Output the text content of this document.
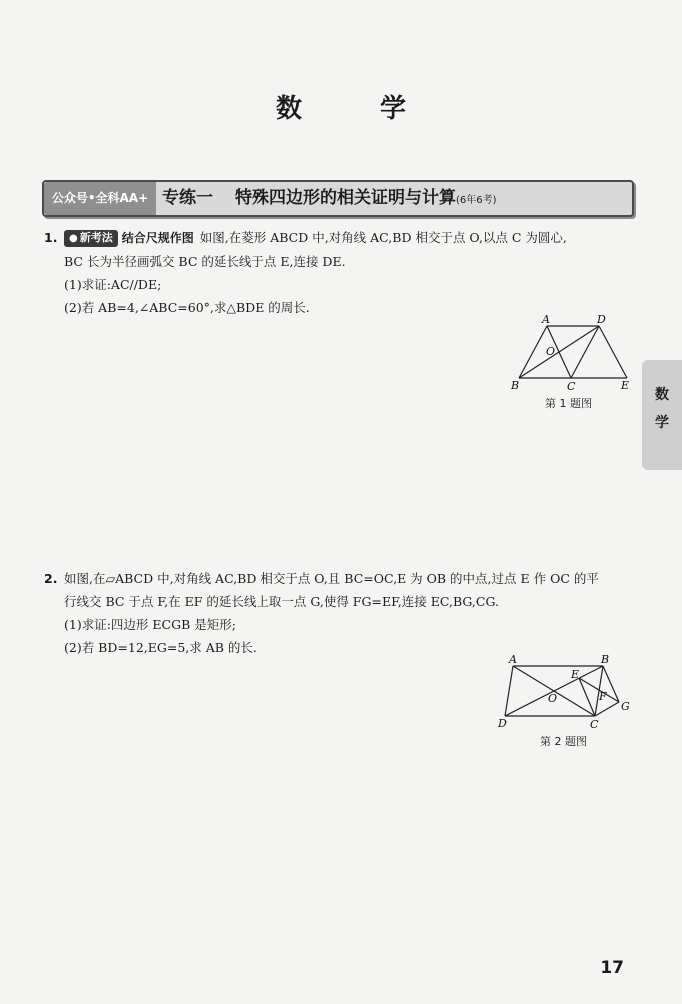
数　学
公众号•全科AA+ 专练一 特殊四边形的相关证明与计算(6年6考)
1. ● 新考法 结合尺规作图 如图,在菱形 ABCD 中,对角线 AC,BD 相交于点 O,以点 C 为圆心,
BC 长为半径画弧交 BC 的延长线于点 E,连接 DE.
(1)求证:AC//DE;
(2)若 AB=4,∠ABC=60°,求△BDE 的周长.
A	D
O
B	C	E
第 1 题图
2. 如图,在▱ABCD 中,对角线 AC,BD 相交于点 O,且 BC=OC,E 为 OB 的中点,过点 E 作 OC 的平
行线交 BC 于点 F,在 EF 的延长线上取一点 G,使得 FG=EF,连接 EC,BG,CG.
(1)求证:四边形 ECGB 是矩形;
(2)若 BD=12,EG=5,求 AB 的长.
A	B
E
O	F
G
D	C
第 2 题图
数
学
17
